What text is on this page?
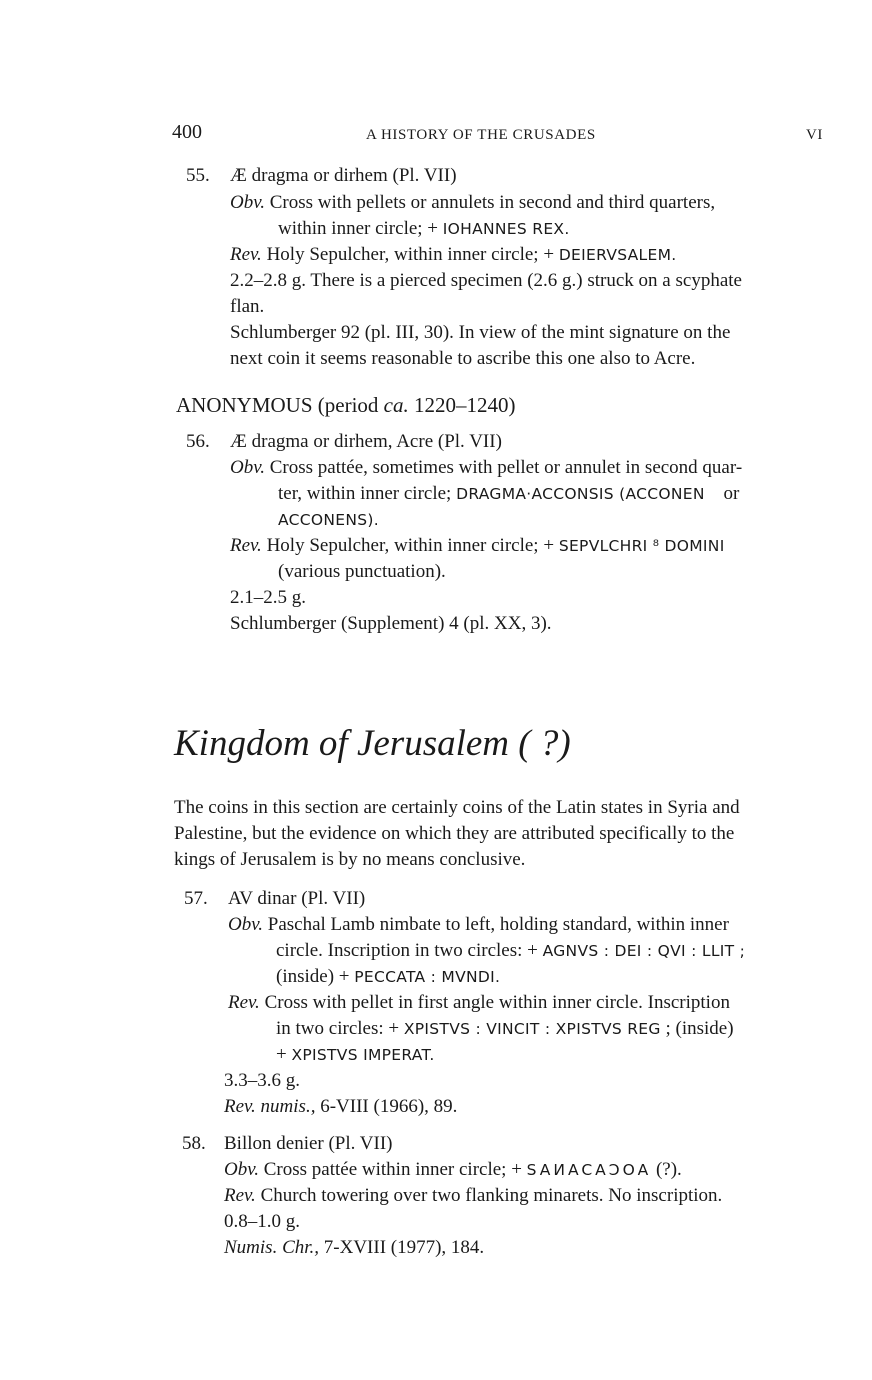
400	A HISTORY OF THE CRUSADES	VI
55. Æ dragma or dirhem (Pl. VII)
Obv. Cross with pellets or annulets in second and third quarters,
within inner circle; + IOHANNES REX.
Rev. Holy Sepulcher, within inner circle; + DEIERVSALEM.
2.2–2.8 g. There is a pierced specimen (2.6 g.) struck on a scyphate
flan.
Schlumberger 92 (pl. III, 30). In view of the mint signature on the
next coin it seems reasonable to ascribe this one also to Acre.
ANONYMOUS (period ca. 1220–1240)
56. Æ dragma or dirhem, Acre (Pl. VII)
Obv. Cross pattée, sometimes with pellet or annulet in second quar-
ter, within inner circle; DRAGMA·ACCONSIS (ACCONEN or
ACCONENS).
Rev. Holy Sepulcher, within inner circle; + SEPVLCHRI ⁸ DOMINI
(various punctuation).
2.1–2.5 g.
Schlumberger (Supplement) 4 (pl. XX, 3).
Kingdom of Jerusalem ( ?)
The coins in this section are certainly coins of the Latin states in Syria and
Palestine, but the evidence on which they are attributed specifically to the
kings of Jerusalem is by no means conclusive.
57. AV dinar (Pl. VII)
Obv. Paschal Lamb nimbate to left, holding standard, within inner
circle. Inscription in two circles: + AGNVS : DEI : QVI : LLIT ;
(inside) + PECCATA : MVNDI.
Rev. Cross with pellet in first angle within inner circle. Inscription
in two circles: + XPISTVS : VINCIT : XPISTVS REG ; (inside)
+ XPISTVS IMPERAT.
3.3–3.6 g.
Rev. numis., 6-VIII (1966), 89.
58. Billon denier (Pl. VII)
Obv. Cross pattée within inner circle; + SAИACAƆOA (?).
Rev. Church towering over two flanking minarets. No inscription.
0.8–1.0 g.
Numis. Chr., 7-XVIII (1977), 184.
